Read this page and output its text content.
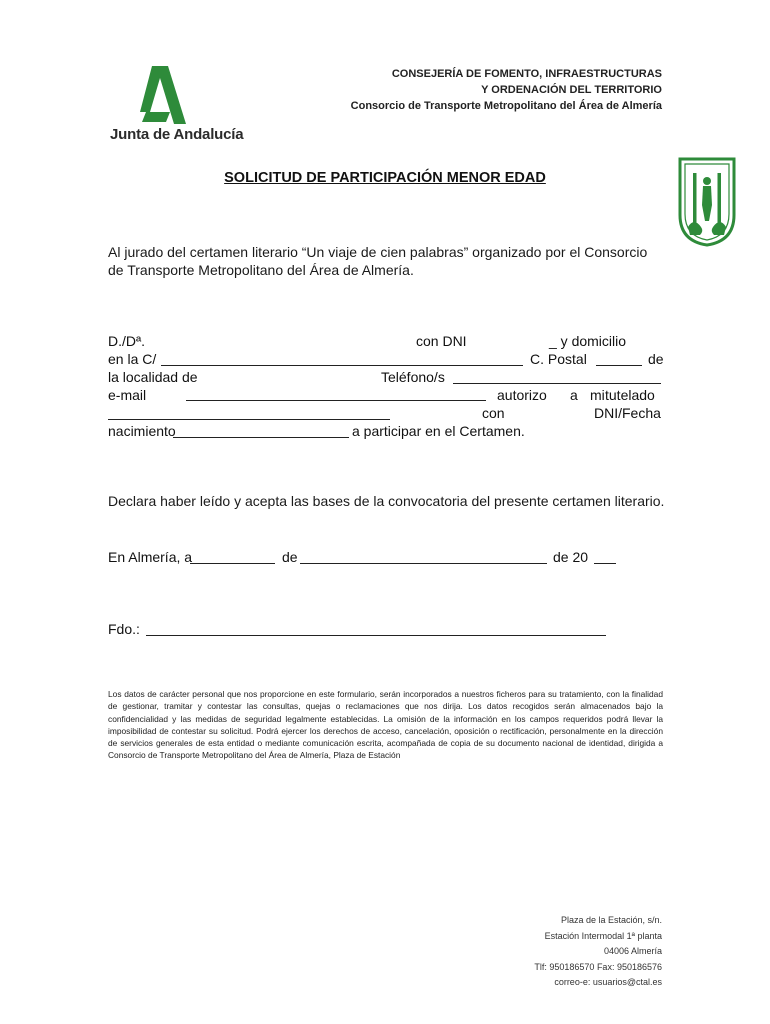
Junta de Andalucía
CONSEJERÍA DE FOMENTO, INFRAESTRUCTURAS
Y ORDENACIÓN DEL TERRITORIO
Consorcio de Transporte Metropolitano del Área de Almería
SOLICITUD DE PARTICIPACIÓN MENOR EDAD
Al jurado del certamen literario “Un viaje de cien palabras” organizado por el Consorcio
de Transporte Metropolitano del Área de Almería.
D./Dª.	con DNI	_ y domicilio
en la C/	C. Postal	de
la localidad de	Teléfono/s
e-mail	autorizo a mi tutelado
con	DNI/Fecha
nacimiento	a participar en el Certamen.
Declara haber leído y acepta las bases de la convocatoria del presente certamen literario.
En Almería, a	de	de 20
Fdo.:
Los datos de carácter personal que nos proporcione en este formulario, serán incorporados a nuestros ficheros para su tratamiento, con la finalidad de gestionar, tramitar y contestar las consultas, quejas o reclamaciones que nos dirija. Los datos recogidos serán almacenados bajo la confidencialidad y las medidas de seguridad legalmente establecidas. La omisión de la información en los campos requeridos podrá llevar la imposibilidad de contestar su solicitud. Podrá ejercer los derechos de acceso, cancelación, oposición o rectificación, personalmente en la dirección de servicios generales de esta entidad o mediante comunicación escrita, acompañada de copia de su documento nacional de identidad, dirigida a Consorcio de Transporte Metropolitano del Área de Almería, Plaza de Estación
Plaza de la Estación, s/n.
Estación Intermodal 1ª planta
04006 Almería
Tlf: 950186570 Fax: 950186576
correo-e: usuarios@ctal.es
